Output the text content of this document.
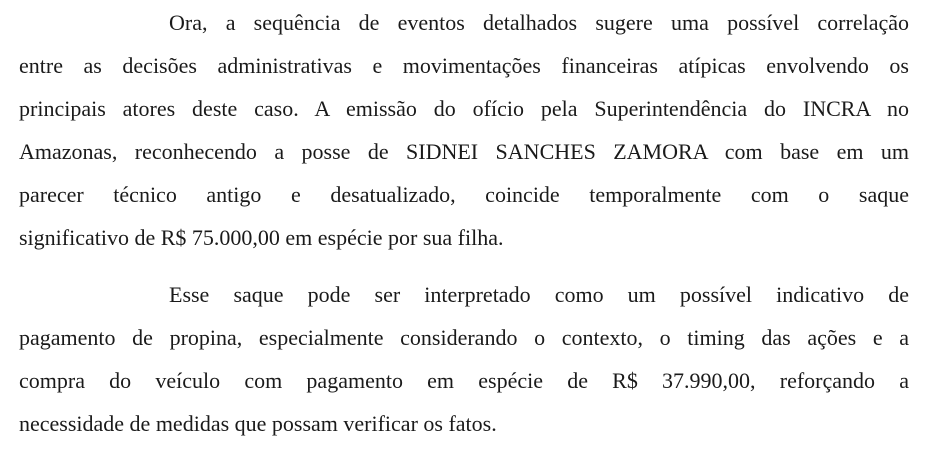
Ora, a sequência de eventos detalhados sugere uma possível correlação
entre as decisões administrativas e movimentações financeiras atípicas envolvendo os
principais atores deste caso. A emissão do ofício pela Superintendência do INCRA no
Amazonas, reconhecendo a posse de SIDNEI SANCHES ZAMORA com base em um
parecer técnico antigo e desatualizado, coincide temporalmente com o saque
significativo de R$ 75.000,00 em espécie por sua filha.
Esse saque pode ser interpretado como um possível indicativo de
pagamento de propina, especialmente considerando o contexto, o timing das ações e a
compra do veículo com pagamento em espécie de R$ 37.990,00, reforçando a
necessidade de medidas que possam verificar os fatos.
